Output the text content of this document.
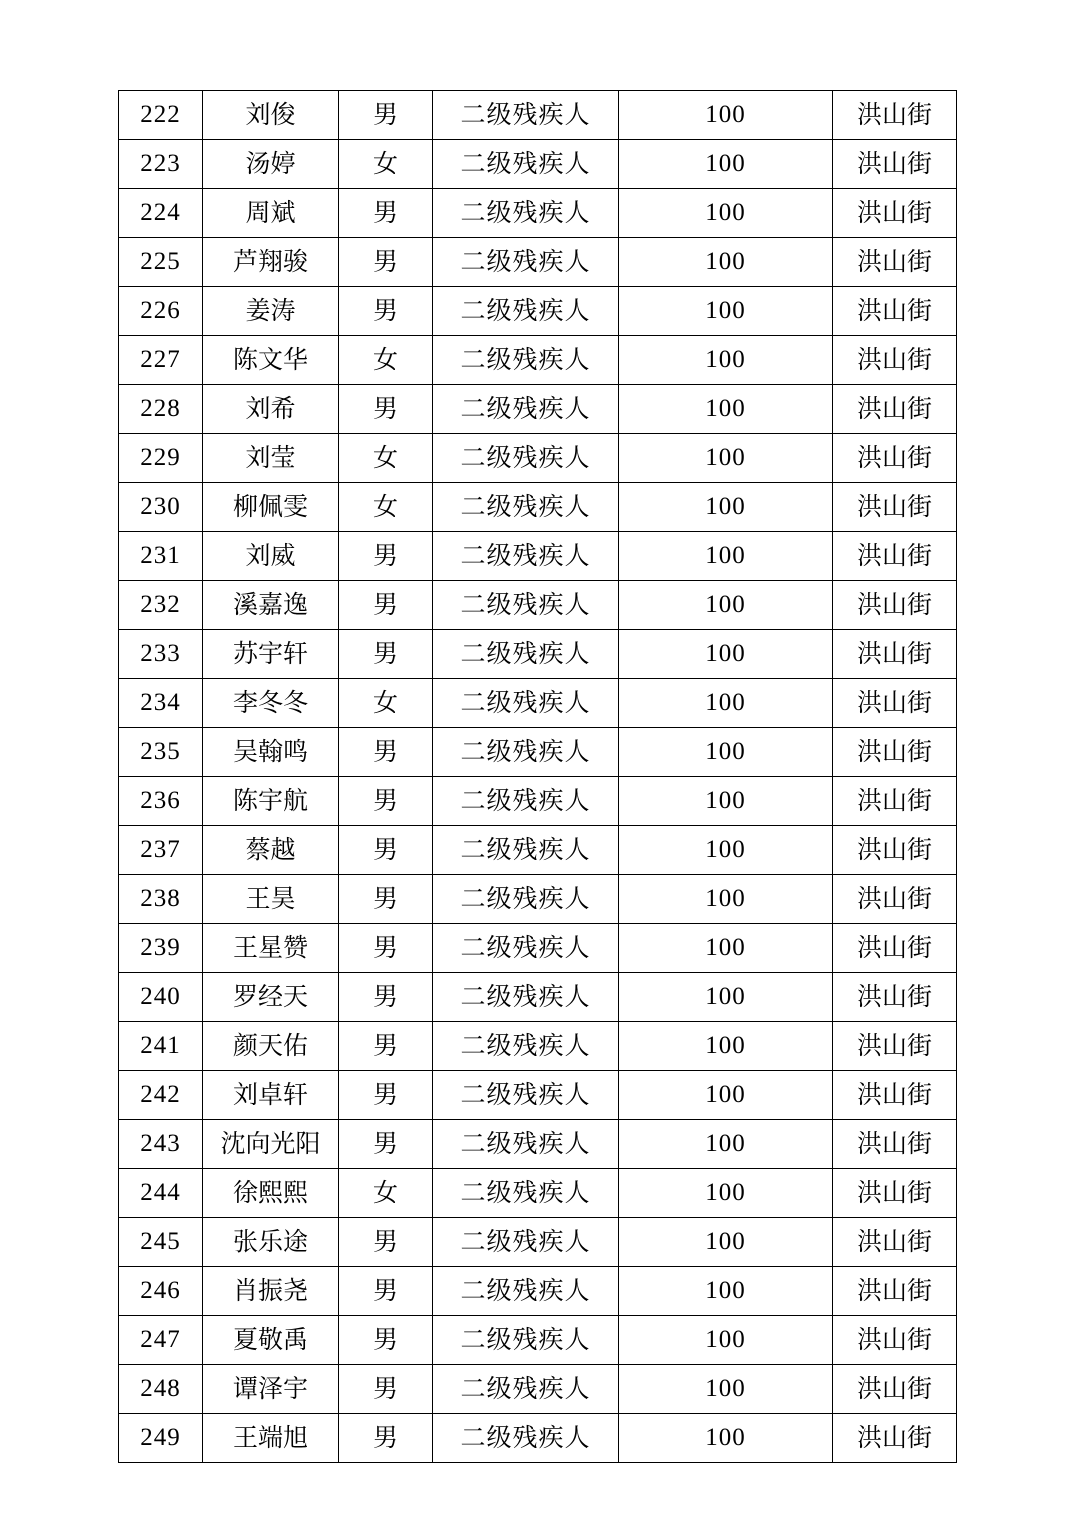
222	刘俊	男	二级残疾人	100	洪山街
223	汤婷	女	二级残疾人	100	洪山街
224	周斌	男	二级残疾人	100	洪山街
225	芦翔骏	男	二级残疾人	100	洪山街
226	姜涛	男	二级残疾人	100	洪山街
227	陈文华	女	二级残疾人	100	洪山街
228	刘希	男	二级残疾人	100	洪山街
229	刘莹	女	二级残疾人	100	洪山街
230	柳佩雯	女	二级残疾人	100	洪山街
231	刘威	男	二级残疾人	100	洪山街
232	溪嘉逸	男	二级残疾人	100	洪山街
233	苏宇轩	男	二级残疾人	100	洪山街
234	李冬冬	女	二级残疾人	100	洪山街
235	吴翰鸣	男	二级残疾人	100	洪山街
236	陈宇航	男	二级残疾人	100	洪山街
237	蔡越	男	二级残疾人	100	洪山街
238	王昊	男	二级残疾人	100	洪山街
239	王星赞	男	二级残疾人	100	洪山街
240	罗经天	男	二级残疾人	100	洪山街
241	颜天佑	男	二级残疾人	100	洪山街
242	刘卓轩	男	二级残疾人	100	洪山街
243	沈向光阳	男	二级残疾人	100	洪山街
244	徐熙熙	女	二级残疾人	100	洪山街
245	张乐途	男	二级残疾人	100	洪山街
246	肖振尧	男	二级残疾人	100	洪山街
247	夏敬禹	男	二级残疾人	100	洪山街
248	谭泽宇	男	二级残疾人	100	洪山街
249	王端旭	男	二级残疾人	100	洪山街
